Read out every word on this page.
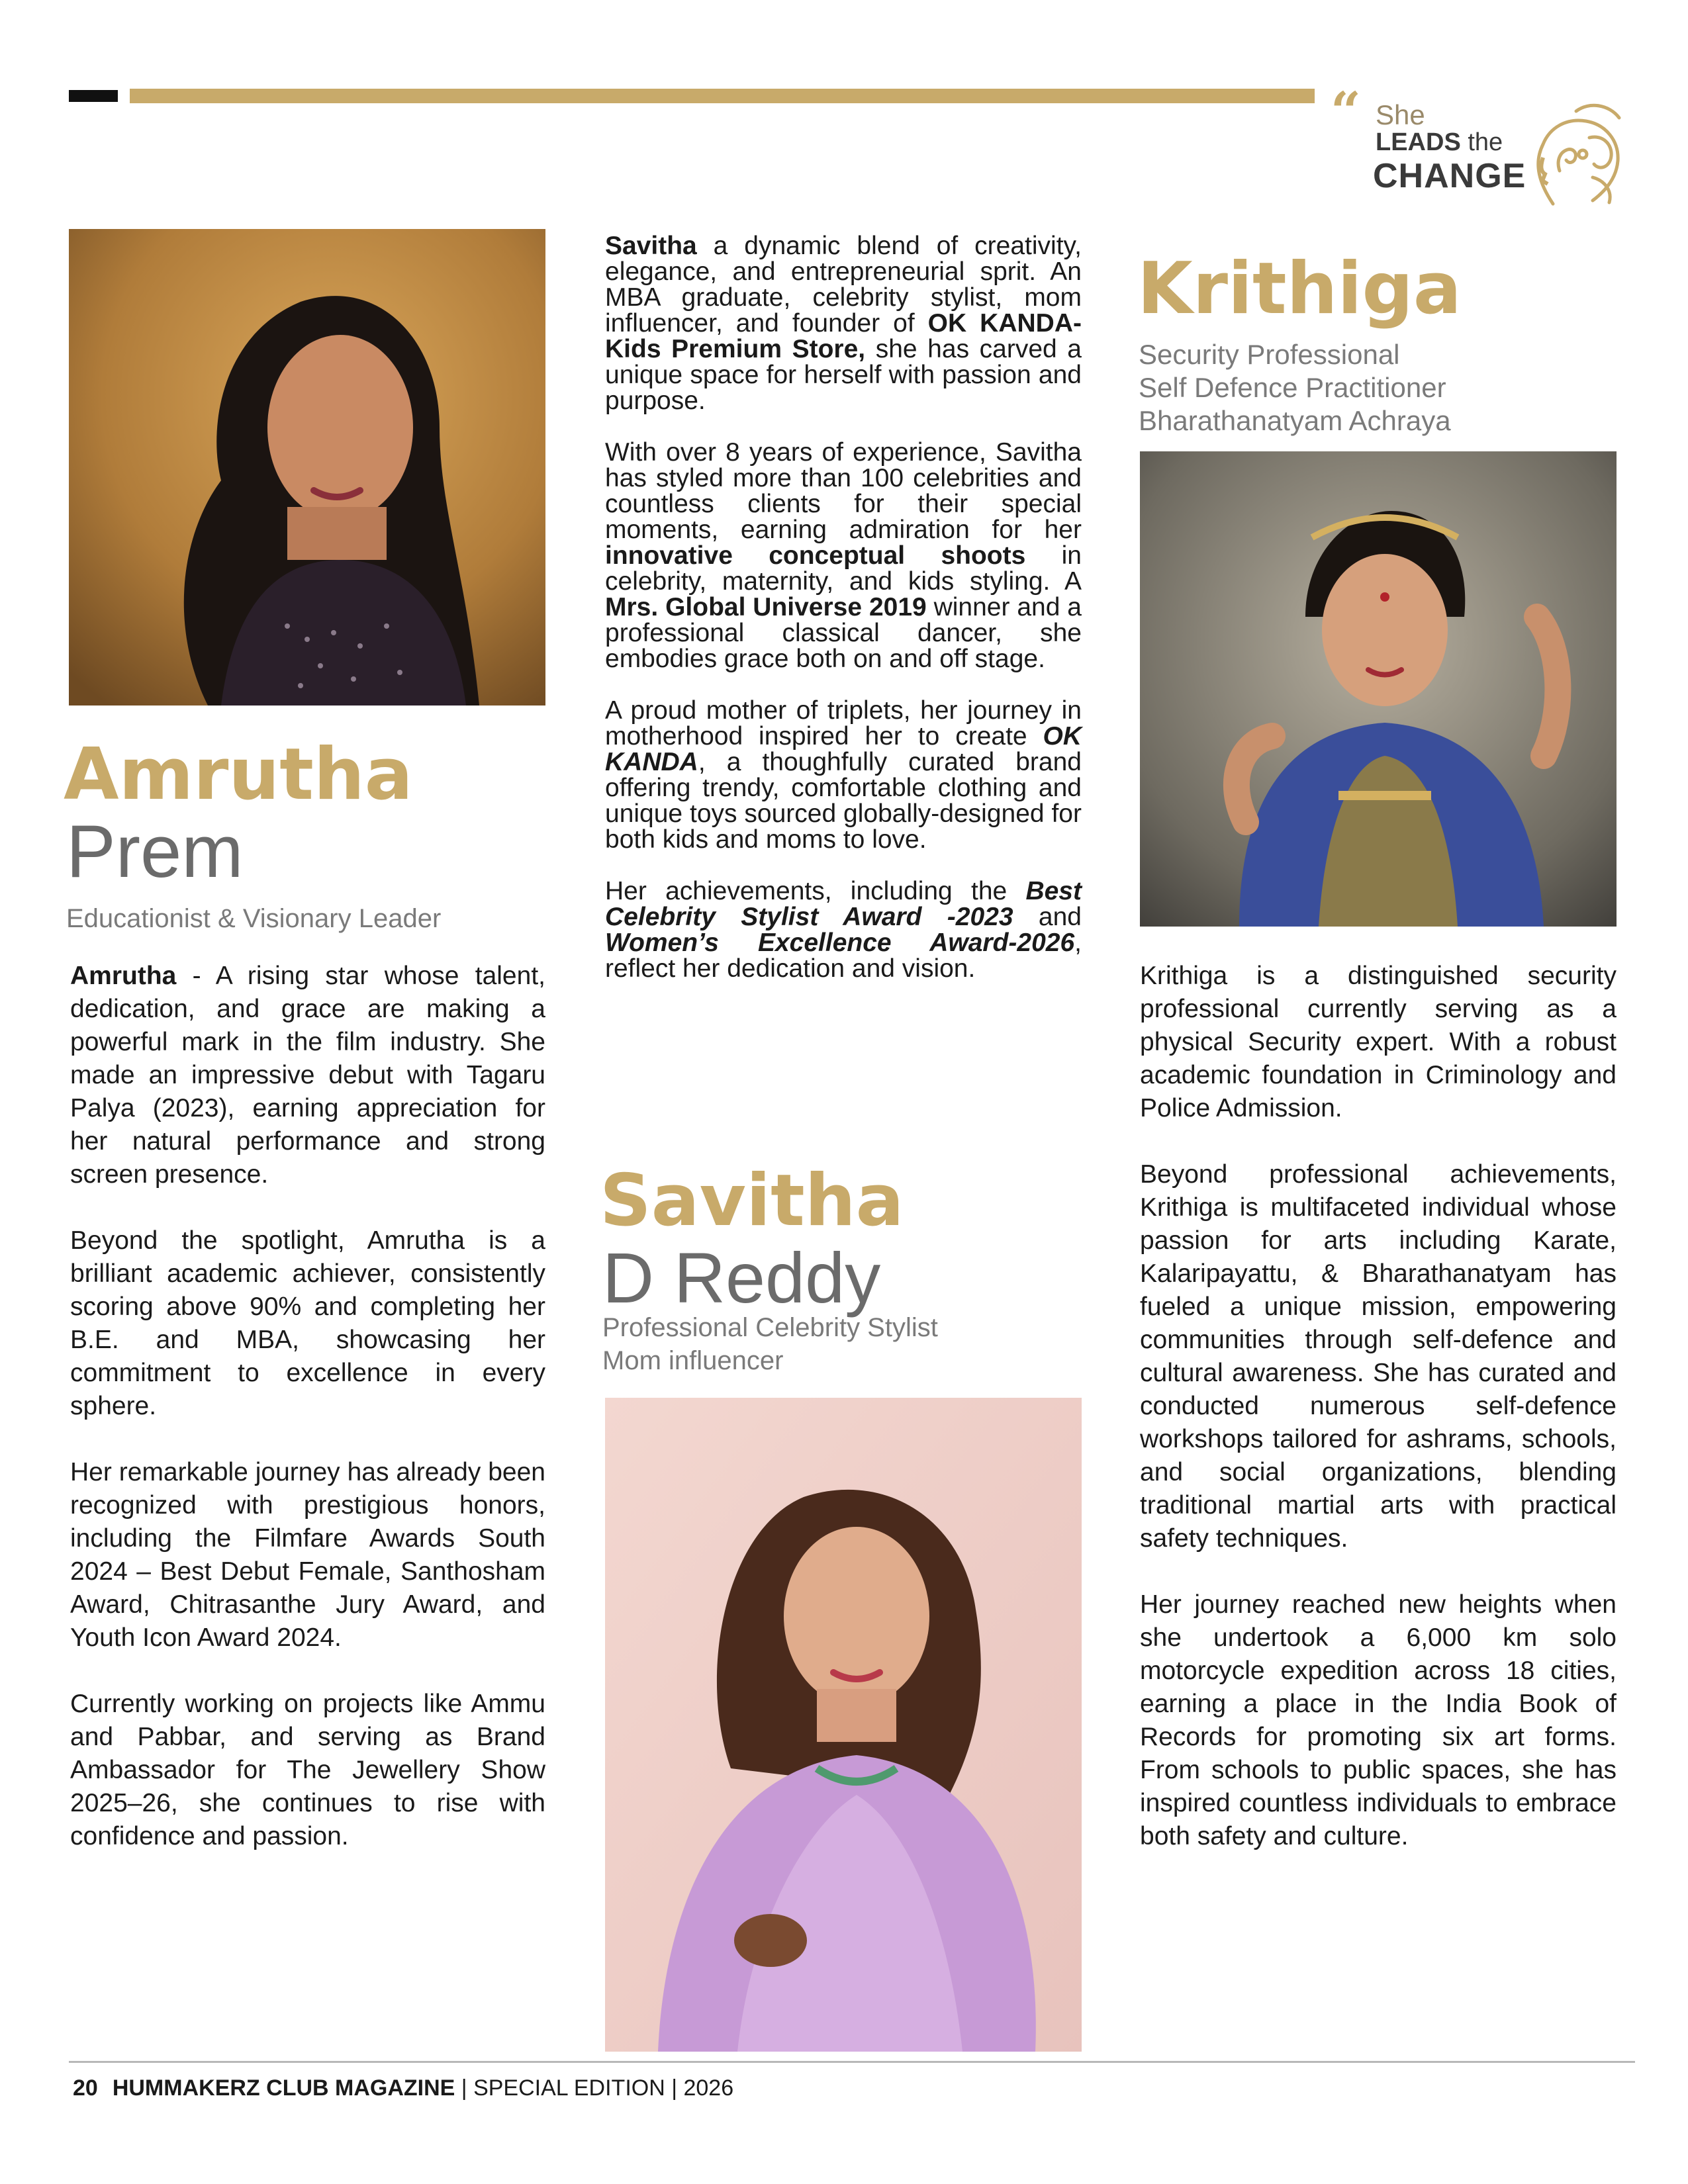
“ She
LEADS the
CHANGE
Amrutha
Prem
Educationist & Visionary Leader

Amrutha - A rising star whose talent, dedication, and grace are making a powerful mark in the film industry. She made an impressive debut with Tagaru Palya (2023), earning appreciation for her natural performance and strong screen presence.

Beyond the spotlight, Amrutha is a brilliant academic achiever, consistently scoring above 90% and completing her B.E. and MBA, showcasing her commitment to excellence in every sphere.

Her remarkable journey has already been recognized with prestigious honors, including the Filmfare Awards South 2024 – Best Debut Female, Santhosham Award, Chitrasanthe Jury Award, and Youth Icon Award 2024.

Currently working on projects like Ammu and Pabbar, and serving as Brand Ambassador for The Jewellery Show 2025–26, she continues to rise with confidence and passion.

Savitha a dynamic blend of creativity, elegance, and entrepreneurial sprit. An MBA graduate, celebrity stylist, mom influencer, and founder of OK KANDA-Kids Premium Store, she has carved a unique space for herself with passion and purpose.

With over 8 years of experience, Savitha has styled more than 100 celebrities and countless clients for their special moments, earning admiration for her innovative conceptual shoots in celebrity, maternity, and kids styling. A Mrs. Global Universe 2019 winner and a professional classical dancer, she embodies grace both on and off stage.

A proud mother of triplets, her journey in motherhood inspired her to create OK KANDA, a thoughfully curated brand offering trendy, comfortable clothing and unique toys sourced globally-designed for both kids and moms to love.

Her achievements, including the Best Celebrity Stylist Award -2023 and Women’s Excellence Award-2026, reflect her dedication and vision.

Savitha
D Reddy
Professional Celebrity Stylist
Mom influencer
Krithiga
Security Professional
Self Defence Practitioner
Bharathanatyam Achraya

Krithiga is a distinguished security professional currently serving as a physical Security expert. With a robust academic foundation in Criminology and Police Admission.

Beyond professional achievements, Krithiga is multifaceted individual whose passion for arts including Karate, Kalaripayattu, & Bharathanatyam has fueled a unique mission, empowering communities through self-defence and cultural awareness. She has curated and conducted numerous self-defence workshops tailored for ashrams, schools, and social organizations, blending traditional martial arts with practical safety techniques.

Her journey reached new heights when she undertook a 6,000 km solo motorcycle expedition across 18 cities, earning a place in the India Book of Records for promoting six art forms. From schools to public spaces, she has inspired countless individuals to embrace both safety and culture.

20 HUMMAKERZ CLUB MAGAZINE | SPECIAL EDITION | 2026
